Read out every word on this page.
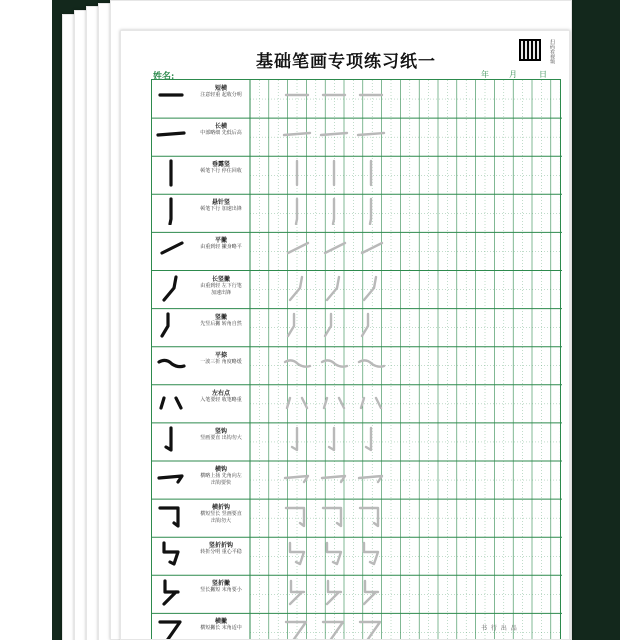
基础笔画专项练习纸一	扫码看视频
姓名:	年	月	日
短横
注意轻重 起收分明
长横
中部略细 先低后高
垂露竖
顿笔下行 停住回收
悬针竖
顿笔下行 加速出锋
平撇
由重到轻 撇身略平
长竖撇
由重到轻 左下行笔 加速出锋
竖撇
先竖后撇 转角自然
平捺
一波三折 角度略缓
左右点
入笔要轻 收笔略重
竖钩
竖画要直 出钩勿大
横钩
横略上扬 先角向左 出钩要快
横折钩
横短竖长 竖画要直 出钩勿大
竖折折钩
转折分明 重心平稳
竖折撇
竖长撇短 末角要小
横撇
横短撇长 末角适中	书 行 出 品
